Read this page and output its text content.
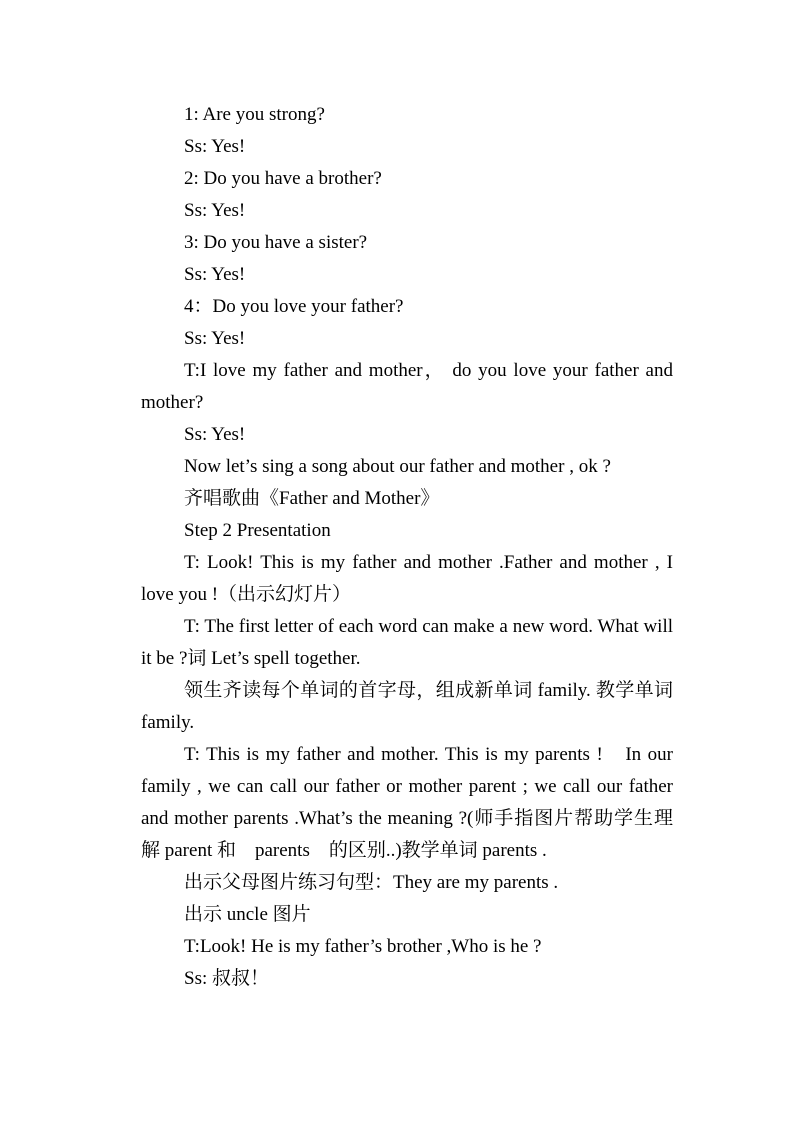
1: Are you strong?

Ss: Yes!

2: Do you have a brother?

Ss: Yes!

3: Do you have a sister?

Ss: Yes!

4：Do you love your father?

Ss: Yes!

T:I love my father and mother， do you love your father and mother?

Ss: Yes!

Now let’s sing a song about our father and mother , ok ?

齐唱歌曲《Father and Mother》

Step 2 Presentation

T: Look! This is my father and mother .Father and mother , I love you !（出示幻灯片）

T: The first letter of each word can make a new word. What will it be ?词 Let’s spell together.

领生齐读每个单词的首字母，组成新单词 family. 教学单词 family.

T: This is my father and mother. This is my parents !　In our family , we can call our father or mother parent ; we call our father and mother parents .What’s the meaning ?(师手指图片帮助学生理解 parent 和　parents　的区别..)教学单词 parents .

出示父母图片练习句型：They are my parents .

出示 uncle 图片

T:Look! He is my father’s brother ,Who is he ?

Ss: 叔叔！
